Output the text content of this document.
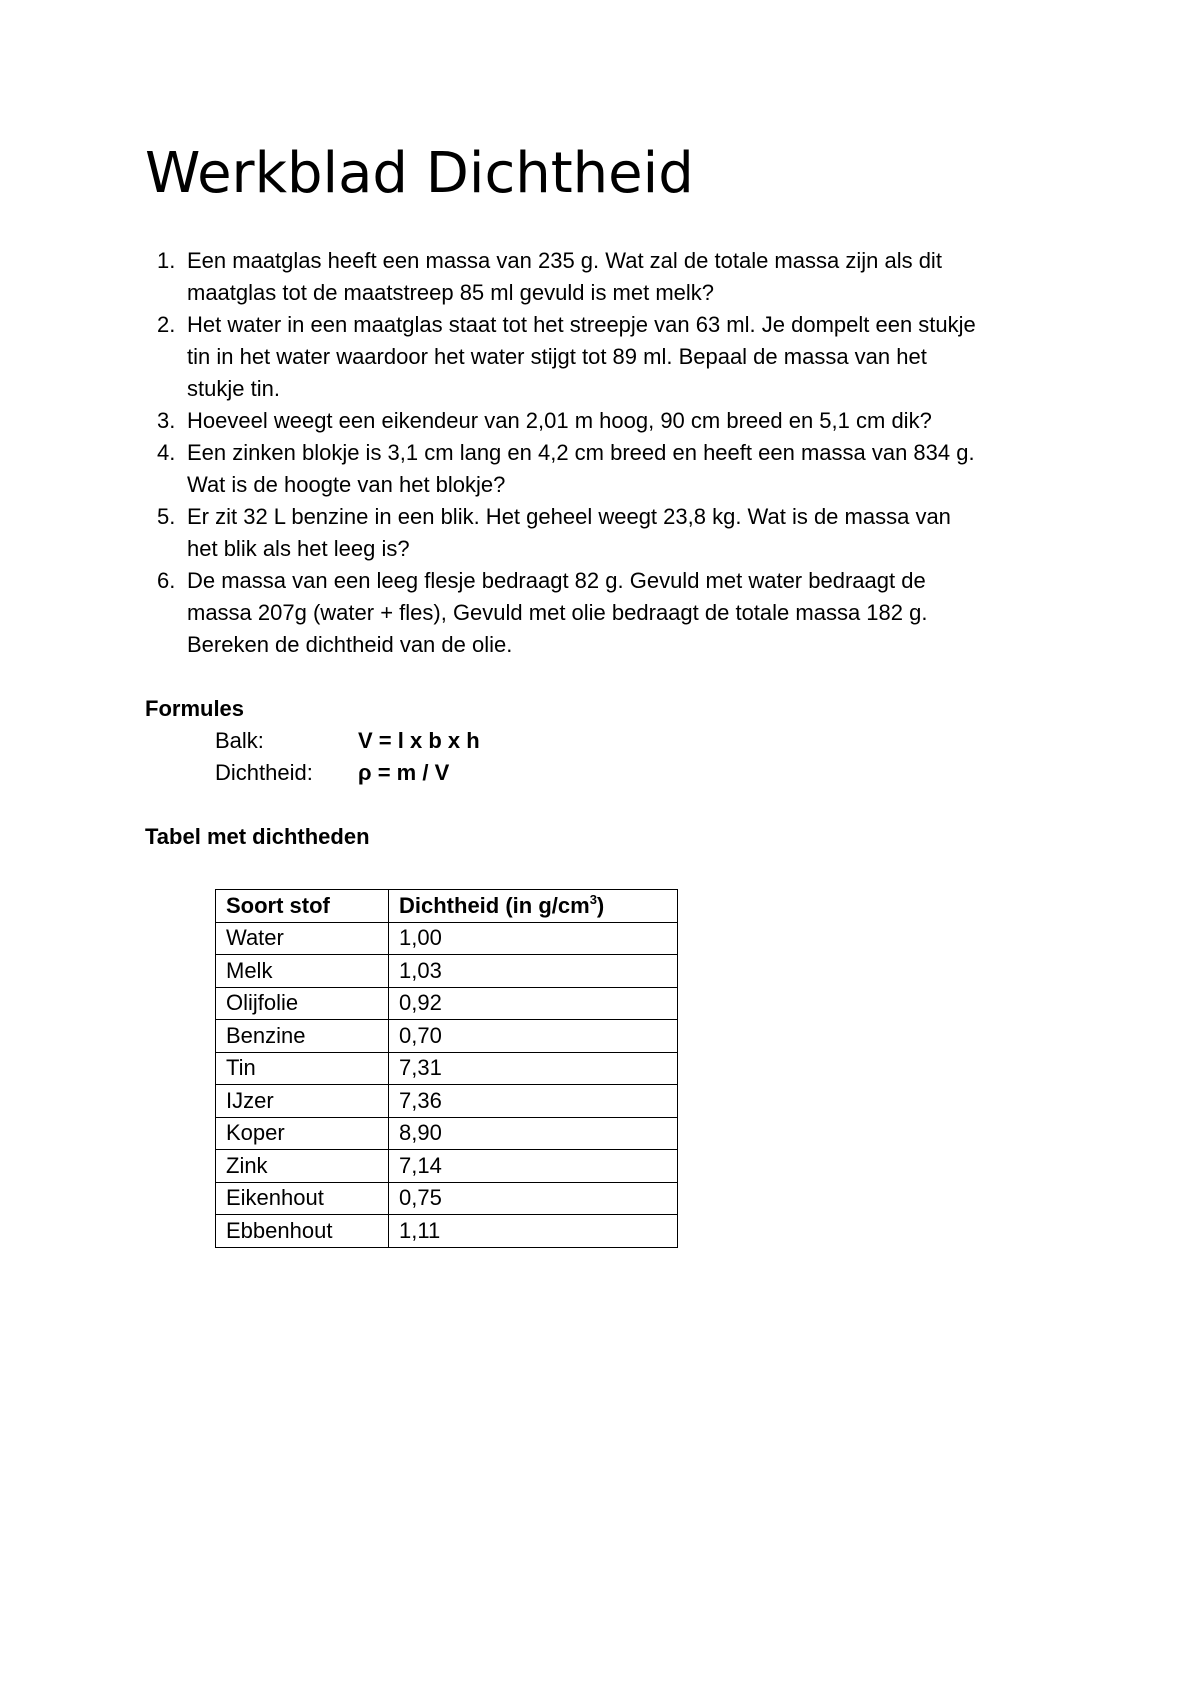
Werkblad Dichtheid
1. Een maatglas heeft een massa van 235 g. Wat zal de totale massa zijn als dit
maatglas tot de maatstreep 85 ml gevuld is met melk?
2. Het water in een maatglas staat tot het streepje van 63 ml. Je dompelt een stukje
tin in het water waardoor het water stijgt tot 89 ml. Bepaal de massa van het
stukje tin.
3. Hoeveel weegt een eikendeur van 2,01 m hoog, 90 cm breed en 5,1 cm dik?
4. Een zinken blokje is 3,1 cm lang en 4,2 cm breed en heeft een massa van 834 g.
Wat is de hoogte van het blokje?
5. Er zit 32 L benzine in een blik. Het geheel weegt 23,8 kg. Wat is de massa van
het blik als het leeg is?
6. De massa van een leeg flesje bedraagt 82 g. Gevuld met water bedraagt de
massa 207g (water + fles), Gevuld met olie bedraagt de totale massa 182 g.
Bereken de dichtheid van de olie.
Formules
Balk:	V = l x b x h
Dichtheid: ρ = m / V
Tabel met dichtheden
Soort stof	Dichtheid (in $g/cm^3$)
Water	1,00
Melk	1,03
Olijfolie	0,92
Benzine	0,70
Tin	7,31
IJzer	7,36
Koper	8,90
Zink	7,14
Eikenhout	0,75
Ebbenhout	1,11
